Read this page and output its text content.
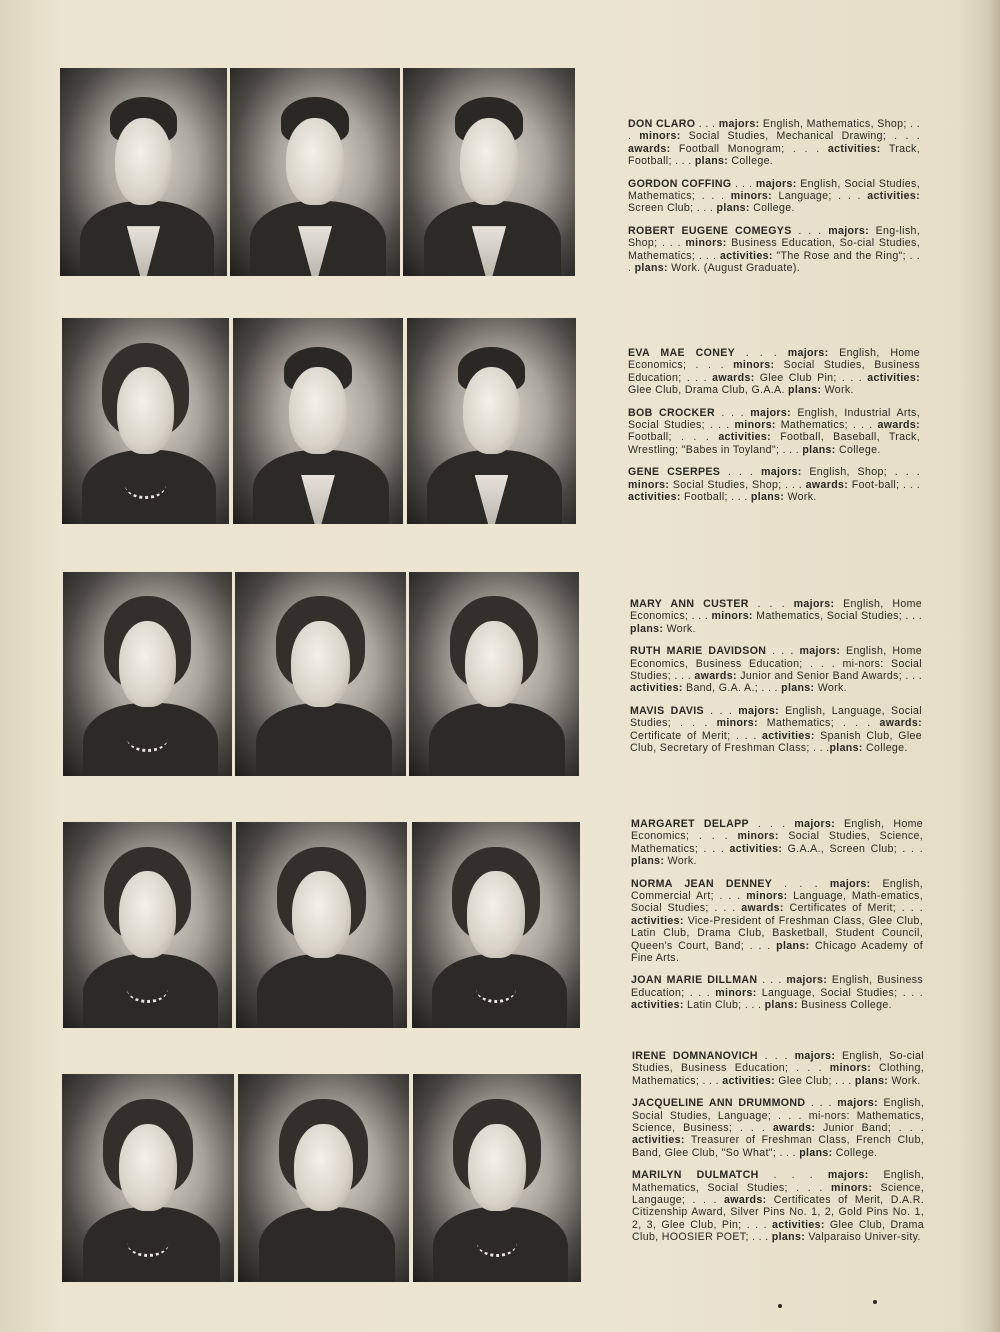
DON CLARO . . . majors: English, Mathematics, Shop; . . . minors: Social Studies, Mechanical Drawing; . . . awards: Football Monogram; . . . activities: Track, Football; . . . plans: College.

GORDON COFFING . . . majors: English, Social Studies, Mathematics; . . . minors: Language; . . . activities: Screen Club; . . . plans: College.

ROBERT EUGENE COMEGYS . . . majors: Eng-lish, Shop; . . . minors: Business Education, So-cial Studies, Mathematics; . . . activities: "The Rose and the Ring"; . . . plans: Work. (August Graduate).

EVA MAE CONEY . . . majors: English, Home Economics; . . . minors: Social Studies, Business Education; . . . awards: Glee Club Pin; . . . activities: Glee Club, Drama Club, G.A.A. plans: Work.

BOB CROCKER . . . majors: English, Industrial Arts, Social Studies; . . . minors: Mathematics; . . . awards: Football; . . . activities: Football, Baseball, Track, Wrestling; "Babes in Toyland"; . . . plans: College.

GENE CSERPES . . . majors: English, Shop; . . . minors: Social Studies, Shop; . . . awards: Foot-ball; . . . activities: Football; . . . plans: Work.

MARY ANN CUSTER . . . majors: English, Home Economics; . . . minors: Mathematics, Social Studies; . . . plans: Work.

RUTH MARIE DAVIDSON . . . majors: English, Home Economics, Business Education; . . . mi-nors: Social Studies; . . . awards: Junior and Senior Band Awards; . . . activities: Band, G.A. A.; . . . plans: Work.

MAVIS DAVIS . . . majors: English, Language, Social Studies; . . . minors: Mathematics; . . . awards: Certificate of Merit; . . . activities: Spanish Club, Glee Club, Secretary of Freshman Class; . . .plans: College.

MARGARET DELAPP . . . majors: English, Home Economics; . . . minors: Social Studies, Science, Mathematics; . . . activities: G.A.A., Screen Club; . . . plans: Work.

NORMA JEAN DENNEY . . . majors: English, Commercial Art; . . . minors: Language, Math-ematics, Social Studies; . . . awards: Certificates of Merit; . . . activities: Vice-President of Freshman Class, Glee Club, Latin Club, Drama Club, Basketball, Student Council, Queen's Court, Band; . . . plans: Chicago Academy of Fine Arts.

JOAN MARIE DILLMAN . . . majors: English, Business Education; . . . minors: Language, Social Studies; . . . activities: Latin Club; . . . plans: Business College.

IRENE DOMNANOVICH . . . majors: English, So-cial Studies, Business Education; . . . minors: Clothing, Mathematics; . . . activities: Glee Club; . . . plans: Work.

JACQUELINE ANN DRUMMOND . . . majors: English, Social Studies, Language; . . . mi-nors: Mathematics, Science, Business; . . . awards: Junior Band; . . . activities: Treasurer of Freshman Class, French Club, Band, Glee Club, "So What"; . . . plans: College.

MARILYN DULMATCH . . . majors: English, Mathematics, Social Studies; . . . minors: Science, Langauge; . . . awards: Certificates of Merit, D.A.R. Citizenship Award, Silver Pins No. 1, 2, Gold Pins No. 1, 2, 3, Glee Club, Pin; . . . activities: Glee Club, Drama Club, HOOSIER POET; . . . plans: Valparaiso Univer-sity.
